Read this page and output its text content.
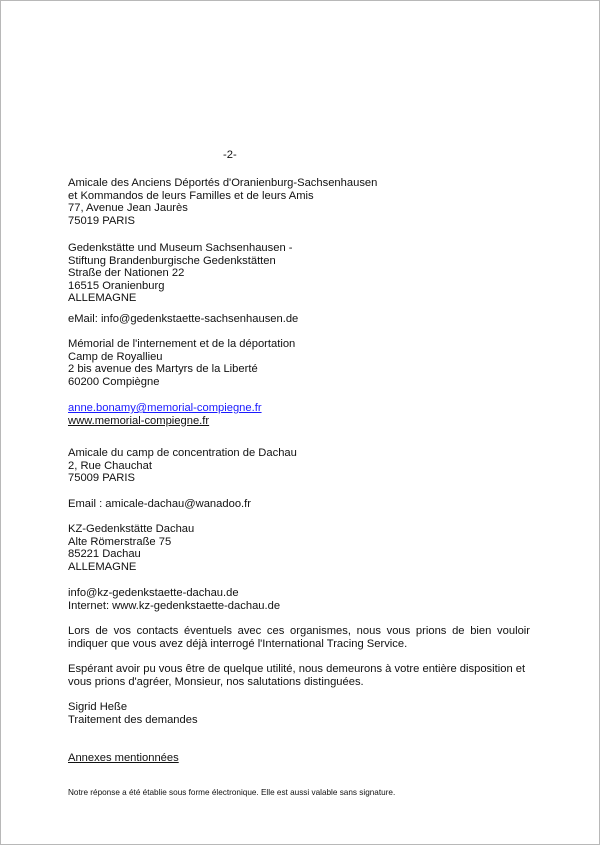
-2-
Amicale des Anciens Déportés d'Oranienburg-Sachsenhausen
et Kommandos de leurs Familles et de leurs Amis
77, Avenue Jean Jaurès
75019 PARIS
Gedenkstätte und Museum Sachsenhausen -
Stiftung Brandenburgische Gedenkstätten
Straße der Nationen 22
16515 Oranienburg
ALLEMAGNE
eMail: info@gedenkstaette-sachsenhausen.de
Mémorial de l'internement et de la déportation
Camp de Royallieu
2 bis avenue des Martyrs de la Liberté
60200 Compiègne
anne.bonamy@memorial-compiegne.fr
www.memorial-compiegne.fr
Amicale du camp de concentration de Dachau
2, Rue Chauchat
75009 PARIS
Email : amicale-dachau@wanadoo.fr
KZ-Gedenkstätte Dachau
Alte Römerstraße 75
85221 Dachau
ALLEMAGNE
info@kz-gedenkstaette-dachau.de
Internet: www.kz-gedenkstaette-dachau.de
Lors de vos contacts éventuels avec ces organismes, nous vous prions de bien vouloir indiquer que vous avez déjà interrogé l'International Tracing Service.
Espérant avoir pu vous être de quelque utilité, nous demeurons à votre entière disposition et vous prions d'agréer, Monsieur, nos salutations distinguées.
Sigrid Heße
Traitement des demandes
Annexes mentionnées
Notre réponse a été établie sous forme électronique. Elle est aussi valable sans signature.
